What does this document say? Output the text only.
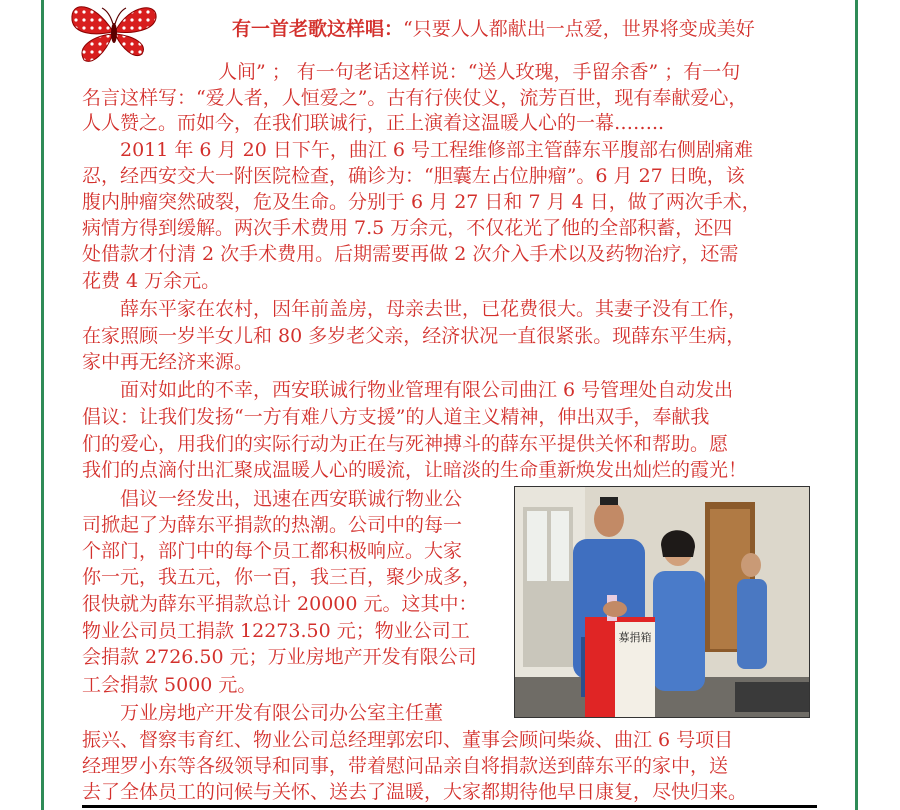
有一首老歌这样唱：“只要人人都献出一点爱，世界将变成美好
人间” ； 有一句老话这样说：“送人玫瑰，手留余香” ；有一句
名言这样写：“爱人者，人恒爱之”。古有行侠仗义，流芳百世，现有奉献爱心，
人人赞之。而如今，在我们联诚行，正上演着这温暖人心的一幕……..
2011 年 6 月 20 日下午，曲江 6 号工程维修部主管薛东平腹部右侧剧痛难
忍，经西安交大一附医院检查，确诊为：“胆囊左占位肿瘤”。6 月 27 日晚，该
腹内肿瘤突然破裂，危及生命。分别于 6 月 27 日和 7 月 4 日，做了两次手术，
病情方得到缓解。两次手术费用 7.5 万余元，不仅花光了他的全部积蓄，还四
处借款才付清 2 次手术费用。后期需要再做 2 次介入手术以及药物治疗，还需
花费 4 万余元。
薛东平家在农村，因年前盖房，母亲去世，已花费很大。其妻子没有工作，
在家照顾一岁半女儿和 80 多岁老父亲，经济状况一直很紧张。现薛东平生病，
家中再无经济来源。
面对如此的不幸，西安联诚行物业管理有限公司曲江 6 号管理处自动发出
倡议：让我们发扬“一方有难八方支援”的人道主义精神，伸出双手，奉献我
们的爱心，用我们的实际行动为正在与死神搏斗的薛东平提供关怀和帮助。愿
我们的点滴付出汇聚成温暖人心的暖流，让暗淡的生命重新焕发出灿烂的霞光！
倡议一经发出，迅速在西安联诚行物业公
司掀起了为薛东平捐款的热潮。公司中的每一
个部门，部门中的每个员工都积极响应。大家
你一元，我五元，你一百，我三百，聚少成多，
很快就为薛东平捐款总计 20000 元。这其中：
物业公司员工捐款 12273.50 元；物业公司工
会捐款 2726.50 元；万业房地产开发有限公司
工会捐款 5000 元。
万业房地产开发有限公司办公室主任董
振兴、督察韦育红、物业公司总经理郭宏印、董事会顾问柴焱、曲江 6 号项目
经理罗小东等各级领导和同事，带着慰问品亲自将捐款送到薛东平的家中，送
去了全体员工的问候与关怀、送去了温暖，大家都期待他早日康复，尽快归来。
募捐箱
